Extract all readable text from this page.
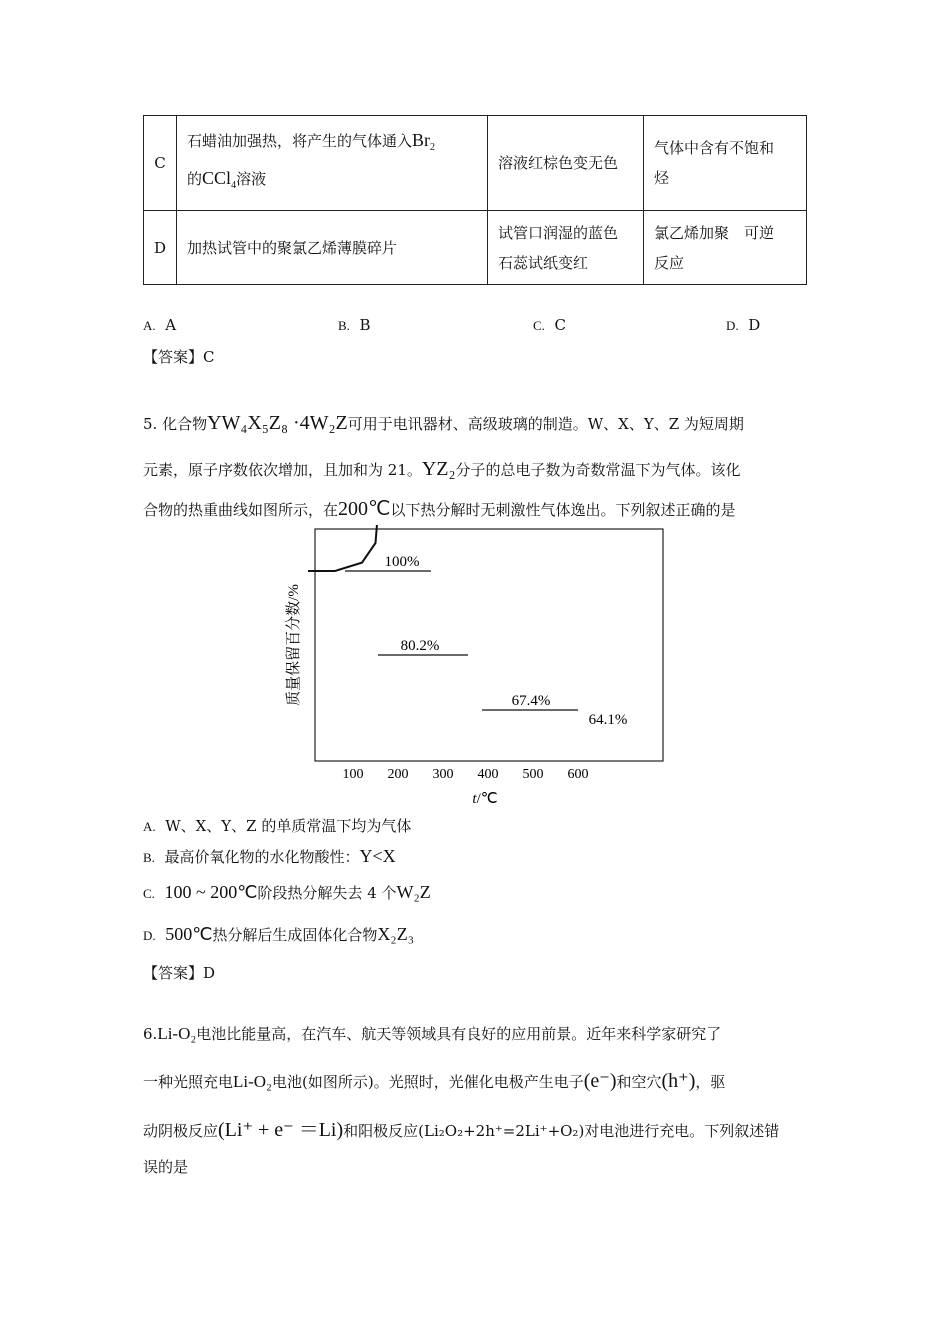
C	石蜡油加强热，将产生的气体通入$Br_2$
的CCl$_4$溶液	溶液红棕色变无色	气体中含有不饱和
烃
D	加热试管中的聚氯乙烯薄膜碎片	试管口润湿的蓝色
石蕊试纸变红	氯乙烯加聚　可逆
反应
A. A	B. B	C. C	D. D
【答案】C
5. 化合物YW₄X₅Z₈ ·4W₂Z可用于电讯器材、高级玻璃的制造。W、X、Y、Z 为短周期
元素，原子序数依次增加，且加和为 21。YZ₂分子的总电子数为奇数常温下为气体。该化
合物的热重曲线如图所示，在200℃以下热分解时无刺激性气体逸出。下列叙述正确的是
质量保留百分数/%
100 200 300 400 500 600
t/℃
100%
80.2%
67.4%
64.1%
A. W、X、Y、Z 的单质常温下均为气体
B. 最高价氧化物的水化物酸性：Y<X
C. 100 ~ 200℃阶段热分解失去 4 个W₂Z
D. 500℃热分解后生成固体化合物X₂Z₃
【答案】D
6.Li-O₂电池比能量高，在汽车、航天等领域具有良好的应用前景。近年来科学家研究了
一种光照充电Li-O₂电池(如图所示)。光照时，光催化电极产生电子(e⁻)和空穴(h⁺)，驱
动阴极反应(Li⁺ + e⁻ ＝Li)和阳极反应(Li₂O₂+2h⁺=2Li⁺+O₂)对电池进行充电。下列叙述错
误的是
